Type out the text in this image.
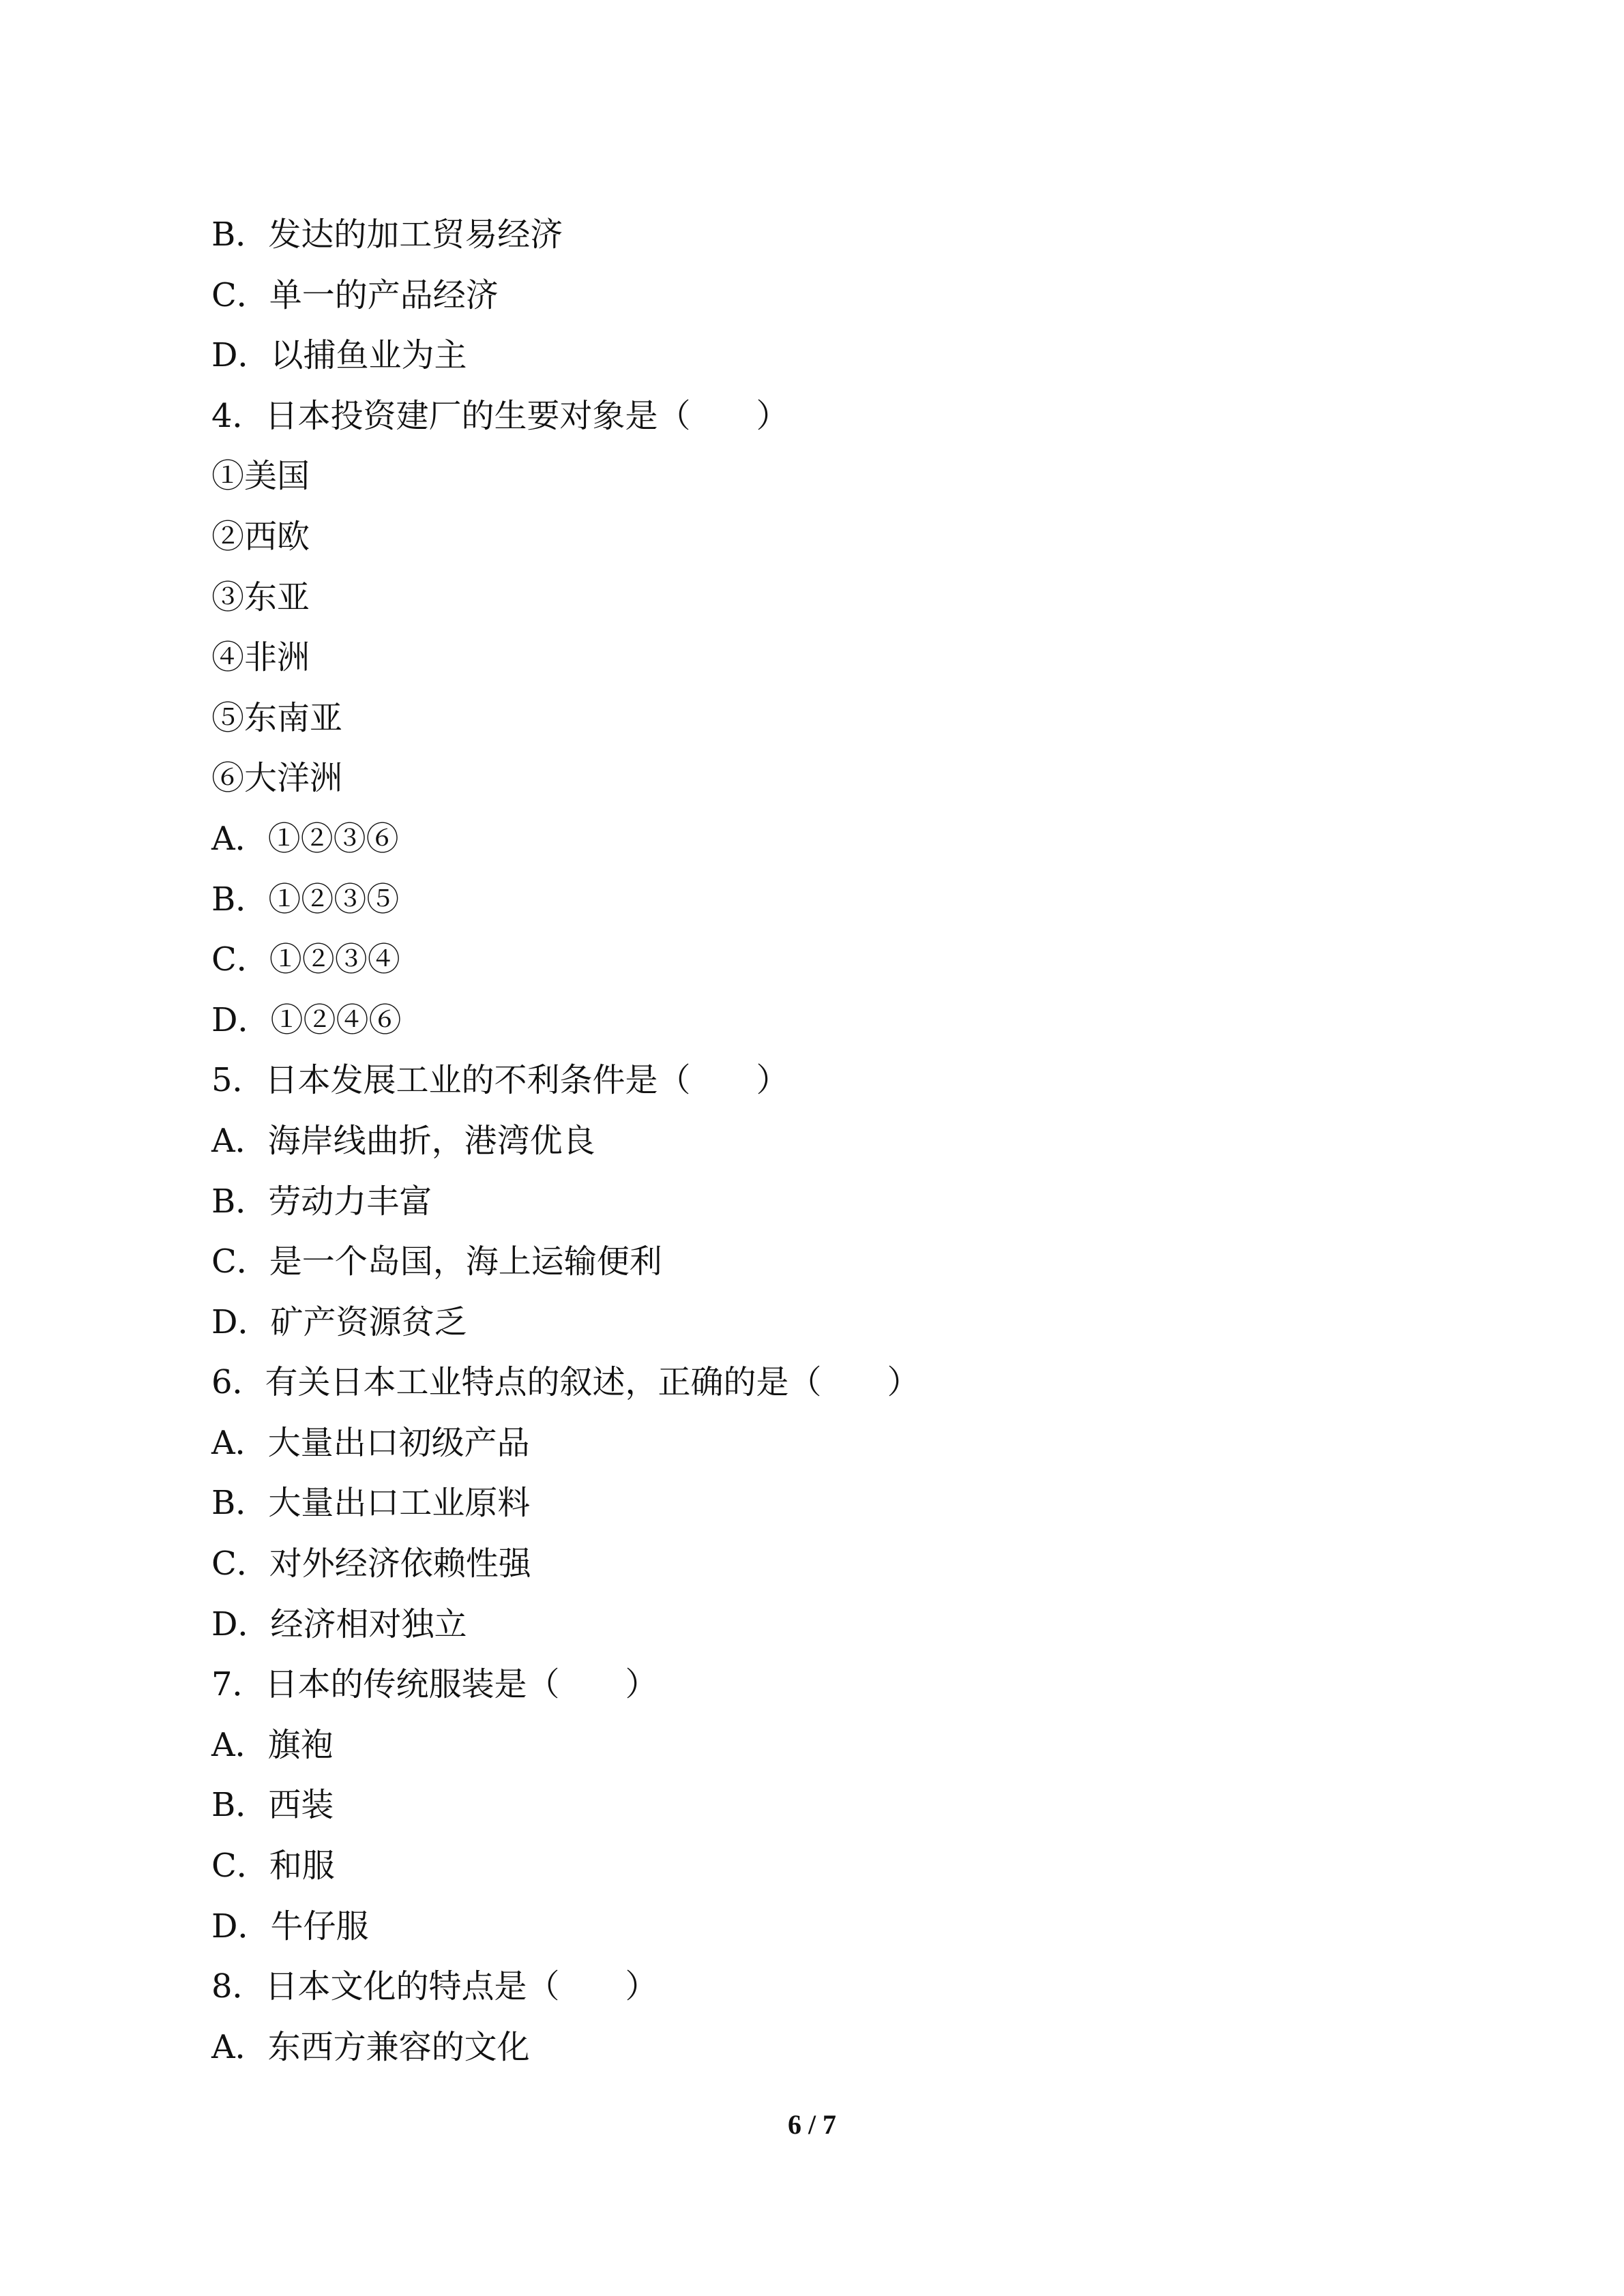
B．发达的加工贸易经济
C．单一的产品经济
D．以捕鱼业为主
4．日本投资建厂的生要对象是（　　）
①美国
②西欧
③东亚
④非洲
⑤东南亚
⑥大洋洲
A．①②③⑥
B．①②③⑤
C．①②③④
D．①②④⑥
5．日本发展工业的不利条件是（　　）
A．海岸线曲折，港湾优良
B．劳动力丰富
C．是一个岛国，海上运输便利
D．矿产资源贫乏
6．有关日本工业特点的叙述，正确的是（　　）
A．大量出口初级产品
B．大量出口工业原料
C．对外经济依赖性强
D．经济相对独立
7．日本的传统服装是（　　）
A．旗袍
B．西装
C．和服
D．牛仔服
8．日本文化的特点是（　　）
A．东西方兼容的文化
6 / 7
